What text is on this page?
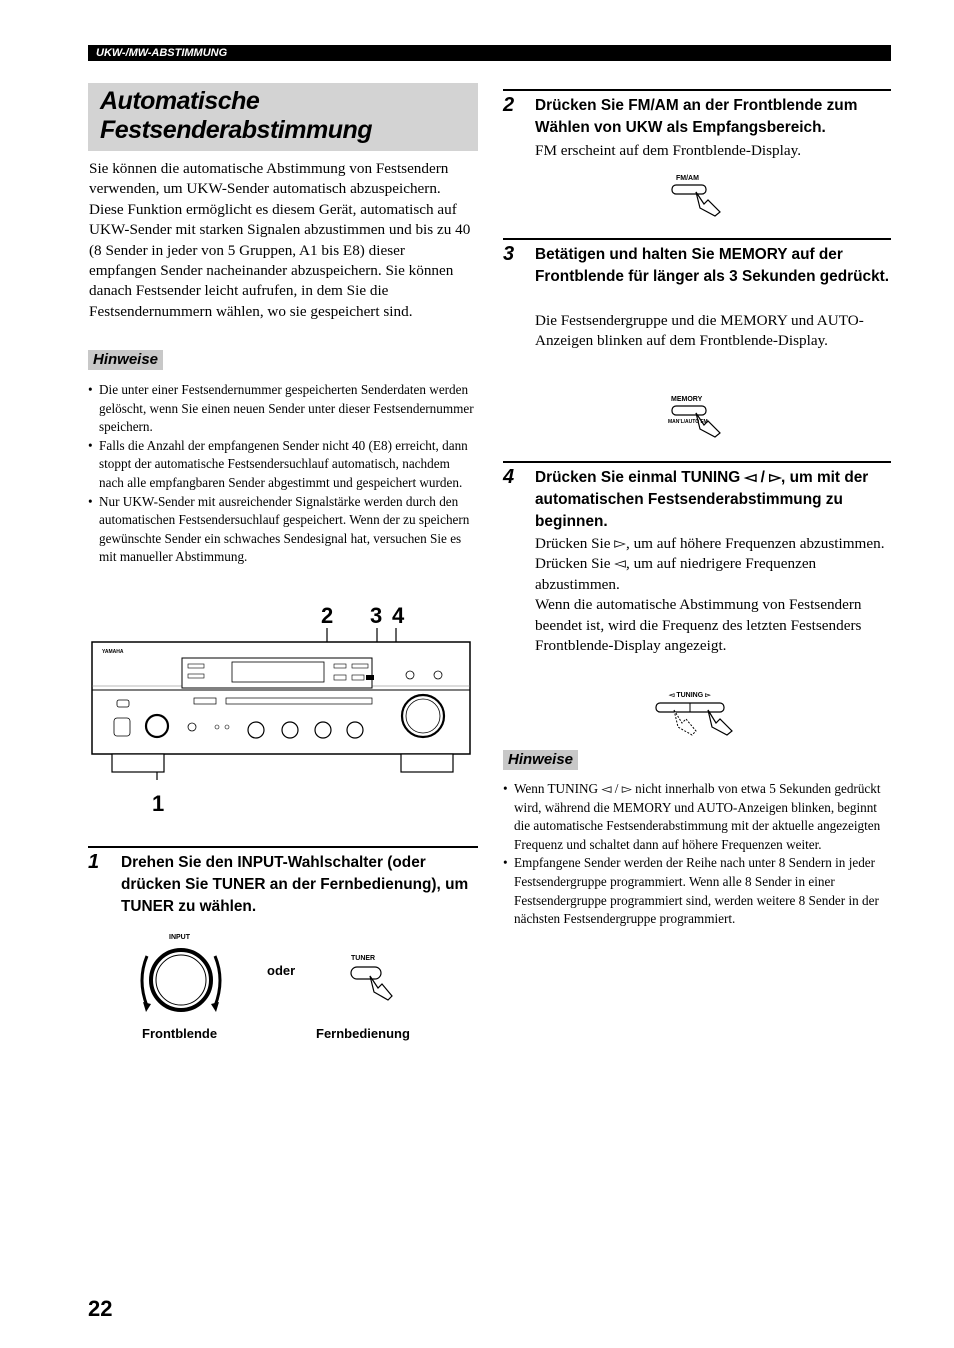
UKW-/MW-ABSTIMMUNG
Automatische
Festsenderabstimmung
Sie können die automatische Abstimmung von Festsendern verwenden, um UKW-Sender automatisch abzuspeichern. Diese Funktion ermöglicht es diesem Gerät, automatisch auf UKW-Sender mit starken Signalen abzustimmen und bis zu 40 (8 Sender in jeder von 5 Gruppen, A1 bis E8) dieser empfangen Sender nacheinander abzuspeichern. Sie können danach Festsender leicht aufrufen, in dem Sie die Festsendernummern wählen, wo sie gespeichert sind.
Hinweise
• Die unter einer Festsendernummer gespeicherten Senderdaten werden gelöscht, wenn Sie einen neuen Sender unter dieser Festsendernummer speichern.
• Falls die Anzahl der empfangenen Sender nicht 40 (E8) erreicht, dann stoppt der automatische Festsendersuchlauf automatisch, nachdem nach alle empfangbaren Sender abgestimmt und gespeichert wurden.
• Nur UKW-Sender mit ausreichender Signalstärke werden durch den automatischen Festsendersuchlauf gespeichert. Wenn der zu speichern gewünschte Sender ein schwaches Sendesignal hat, versuchen Sie es mit manueller Abstimmung.
2 3 4
1
YAMAHA
1 Drehen Sie den INPUT-Wahlschalter (oder drücken Sie TUNER an der Fernbedienung), um TUNER zu wählen.
INPUT
oder
TUNER
Frontblende	Fernbedienung
2 Drücken Sie FM/AM an der Frontblende zum Wählen von UKW als Empfangsbereich.
FM erscheint auf dem Frontblende-Display.
FM/AM
3 Betätigen und halten Sie MEMORY auf der Frontblende für länger als 3 Sekunden gedrückt.
Die Festsendergruppe und die MEMORY und AUTO-Anzeigen blinken auf dem Frontblende-Display.
MEMORY
MAN'L/AUTO FM
4 Drücken Sie einmal TUNING ◅ / ▻, um mit der automatischen Festsenderabstimmung zu beginnen.
Drücken Sie ▻, um auf höhere Frequenzen abzustimmen.
Drücken Sie ◅, um auf niedrigere Frequenzen abzustimmen.
Wenn die automatische Abstimmung von Festsendern beendet ist, wird die Frequenz des letzten Festsenders Frontblende-Display angezeigt.
◅ TUNING ▻
Hinweise
• Wenn TUNING ◅ / ▻ nicht innerhalb von etwa 5 Sekunden gedrückt wird, während die MEMORY und AUTO-Anzeigen blinken, beginnt die automatische Festsenderabstimmung mit der aktuelle angezeigten Frequenz und schaltet dann auf höhere Frequenzen weiter.
• Empfangene Sender werden der Reihe nach unter 8 Sendern in jeder Festsendergruppe programmiert. Wenn alle 8 Sender in einer Festsendergruppe programmiert sind, werden weitere 8 Sender in der nächsten Festsendergruppe programmiert.
22
